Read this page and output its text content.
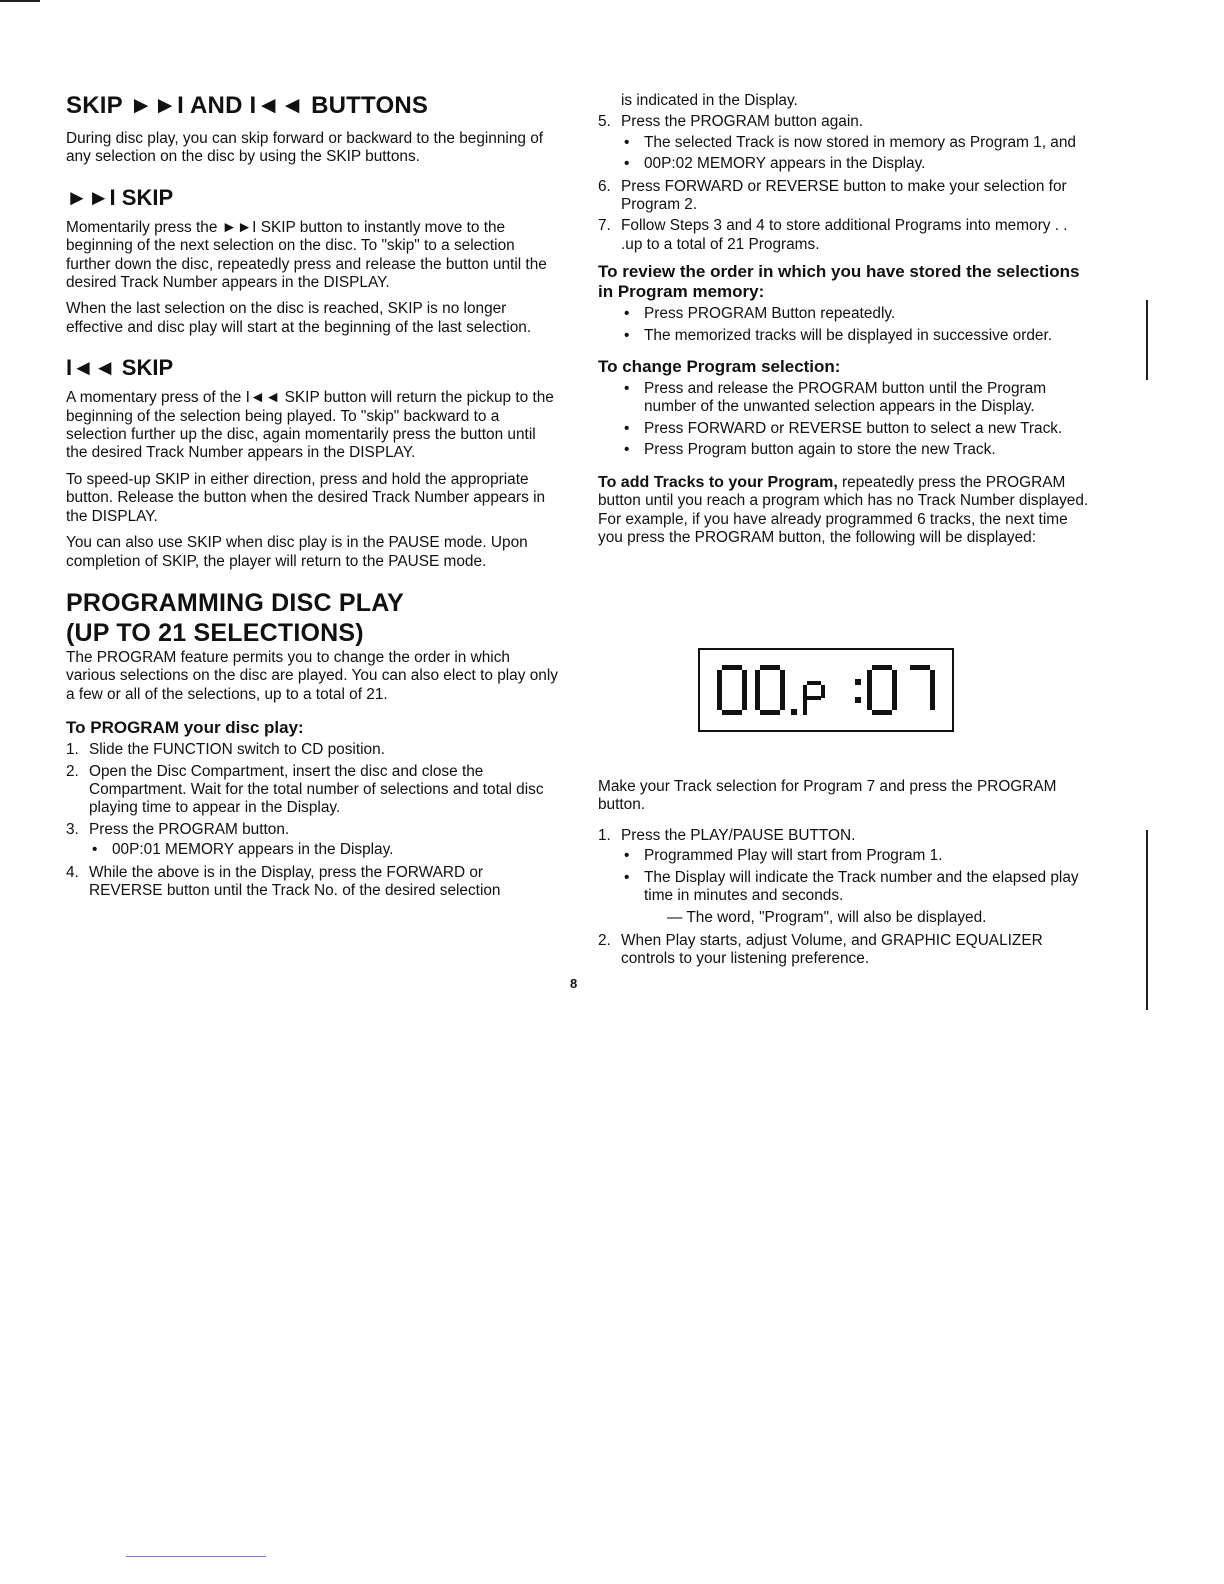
SKIP ►►I AND I◄◄ BUTTONS

During disc play, you can skip forward or backward to the beginning of any selection on the disc by using the SKIP buttons.

►►I SKIP

Momentarily press the ►►I SKIP button to instantly move to the beginning of the next selection on the disc. To "skip" to a selection further down the disc, repeatedly press and release the button until the desired Track Number appears in the DISPLAY.

When the last selection on the disc is reached, SKIP is no longer effective and disc play will start at the beginning of the last selection.

I◄◄ SKIP

A momentary press of the I◄◄ SKIP button will return the pickup to the beginning of the selection being played. To "skip" backward to a selection further up the disc, again momentarily press the button until the desired Track Number appears in the DISPLAY.

To speed-up SKIP in either direction, press and hold the appropriate button. Release the button when the desired Track Number appears in the DISPLAY.

You can also use SKIP when disc play is in the PAUSE mode. Upon completion of SKIP, the player will return to the PAUSE mode.

PROGRAMMING DISC PLAY
(UP TO 21 SELECTIONS)

The PROGRAM feature permits you to change the order in which various selections on the disc are played. You can also elect to play only a few or all of the selections, up to a total of 21.

To PROGRAM your disc play:
1. Slide the FUNCTION switch to CD position.
2. Open the Disc Compartment, insert the disc and close the Compartment. Wait for the total number of selections and total disc playing time to appear in the Display.
3. Press the PROGRAM button.
• 00P:01 MEMORY appears in the Display.
4. While the above is in the Display, press the FORWARD or REVERSE button until the Track No. of the desired selection

is indicated in the Display.

5. Press the PROGRAM button again.
• The selected Track is now stored in memory as Program 1, and
• 00P:02 MEMORY appears in the Display.
6. Press FORWARD or REVERSE button to make your selection for Program 2.
7. Follow Steps 3 and 4 to store additional Programs into memory . . .up to a total of 21 Programs.
To review the order in which you have stored the selections in Program memory:
• Press PROGRAM Button repeatedly.
• The memorized tracks will be displayed in successive order.
To change Program selection:
• Press and release the PROGRAM button until the Program number of the unwanted selection appears in the Display.
• Press FORWARD or REVERSE button to select a new Track.
• Press Program button again to store the new Track.

To add Tracks to your Program, repeatedly press the PROGRAM button until you reach a program which has no Track Number displayed. For example, if you have already programmed 6 tracks, the next time you press the PROGRAM button, the following will be displayed:

Make your Track selection for Program 7 and press the PROGRAM button.

1. Press the PLAY/PAUSE BUTTON.
• Programmed Play will start from Program 1.
• The Display will indicate the Track number and the elapsed play time in minutes and seconds.
— The word, "Program", will also be displayed.
2. When Play starts, adjust Volume, and GRAPHIC EQUALIZER controls to your listening preference.
8
